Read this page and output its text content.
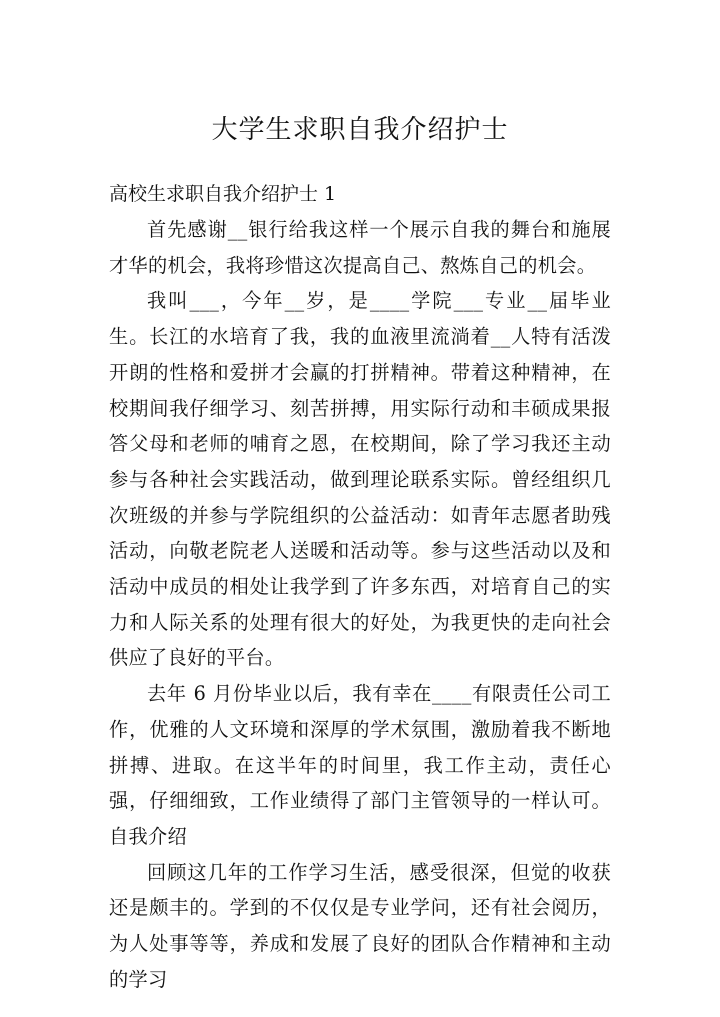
大学生求职自我介绍护士
高校生求职自我介绍护士 1

首先感谢__银行给我这样一个展示自我的舞台和施展才华的机会，我将珍惜这次提高自己、熬炼自己的机会。

我叫___，今年__岁，是____学院___专业__届毕业生。长江的水培育了我，我的血液里流淌着__人特有活泼开朗的性格和爱拼才会赢的打拼精神。带着这种精神，在校期间我仔细学习、刻苦拼搏，用实际行动和丰硕成果报答父母和老师的哺育之恩，在校期间，除了学习我还主动参与各种社会实践活动，做到理论联系实际。曾经组织几次班级的并参与学院组织的公益活动：如青年志愿者助残活动，向敬老院老人送暖和活动等。参与这些活动以及和活动中成员的相处让我学到了许多东西，对培育自己的实力和人际关系的处理有很大的好处，为我更快的走向社会供应了良好的平台。

去年 6 月份毕业以后，我有幸在____有限责任公司工作，优雅的人文环境和深厚的学术氛围，激励着我不断地拼搏、进取。在这半年的时间里，我工作主动，责任心强，仔细细致，工作业绩得了部门主管领导的一样认可。自我介绍

回顾这几年的工作学习生活，感受很深，但觉的收获还是颇丰的。学到的不仅仅是专业学问，还有社会阅历，为人处事等等，养成和发展了良好的团队合作精神和主动的学习
